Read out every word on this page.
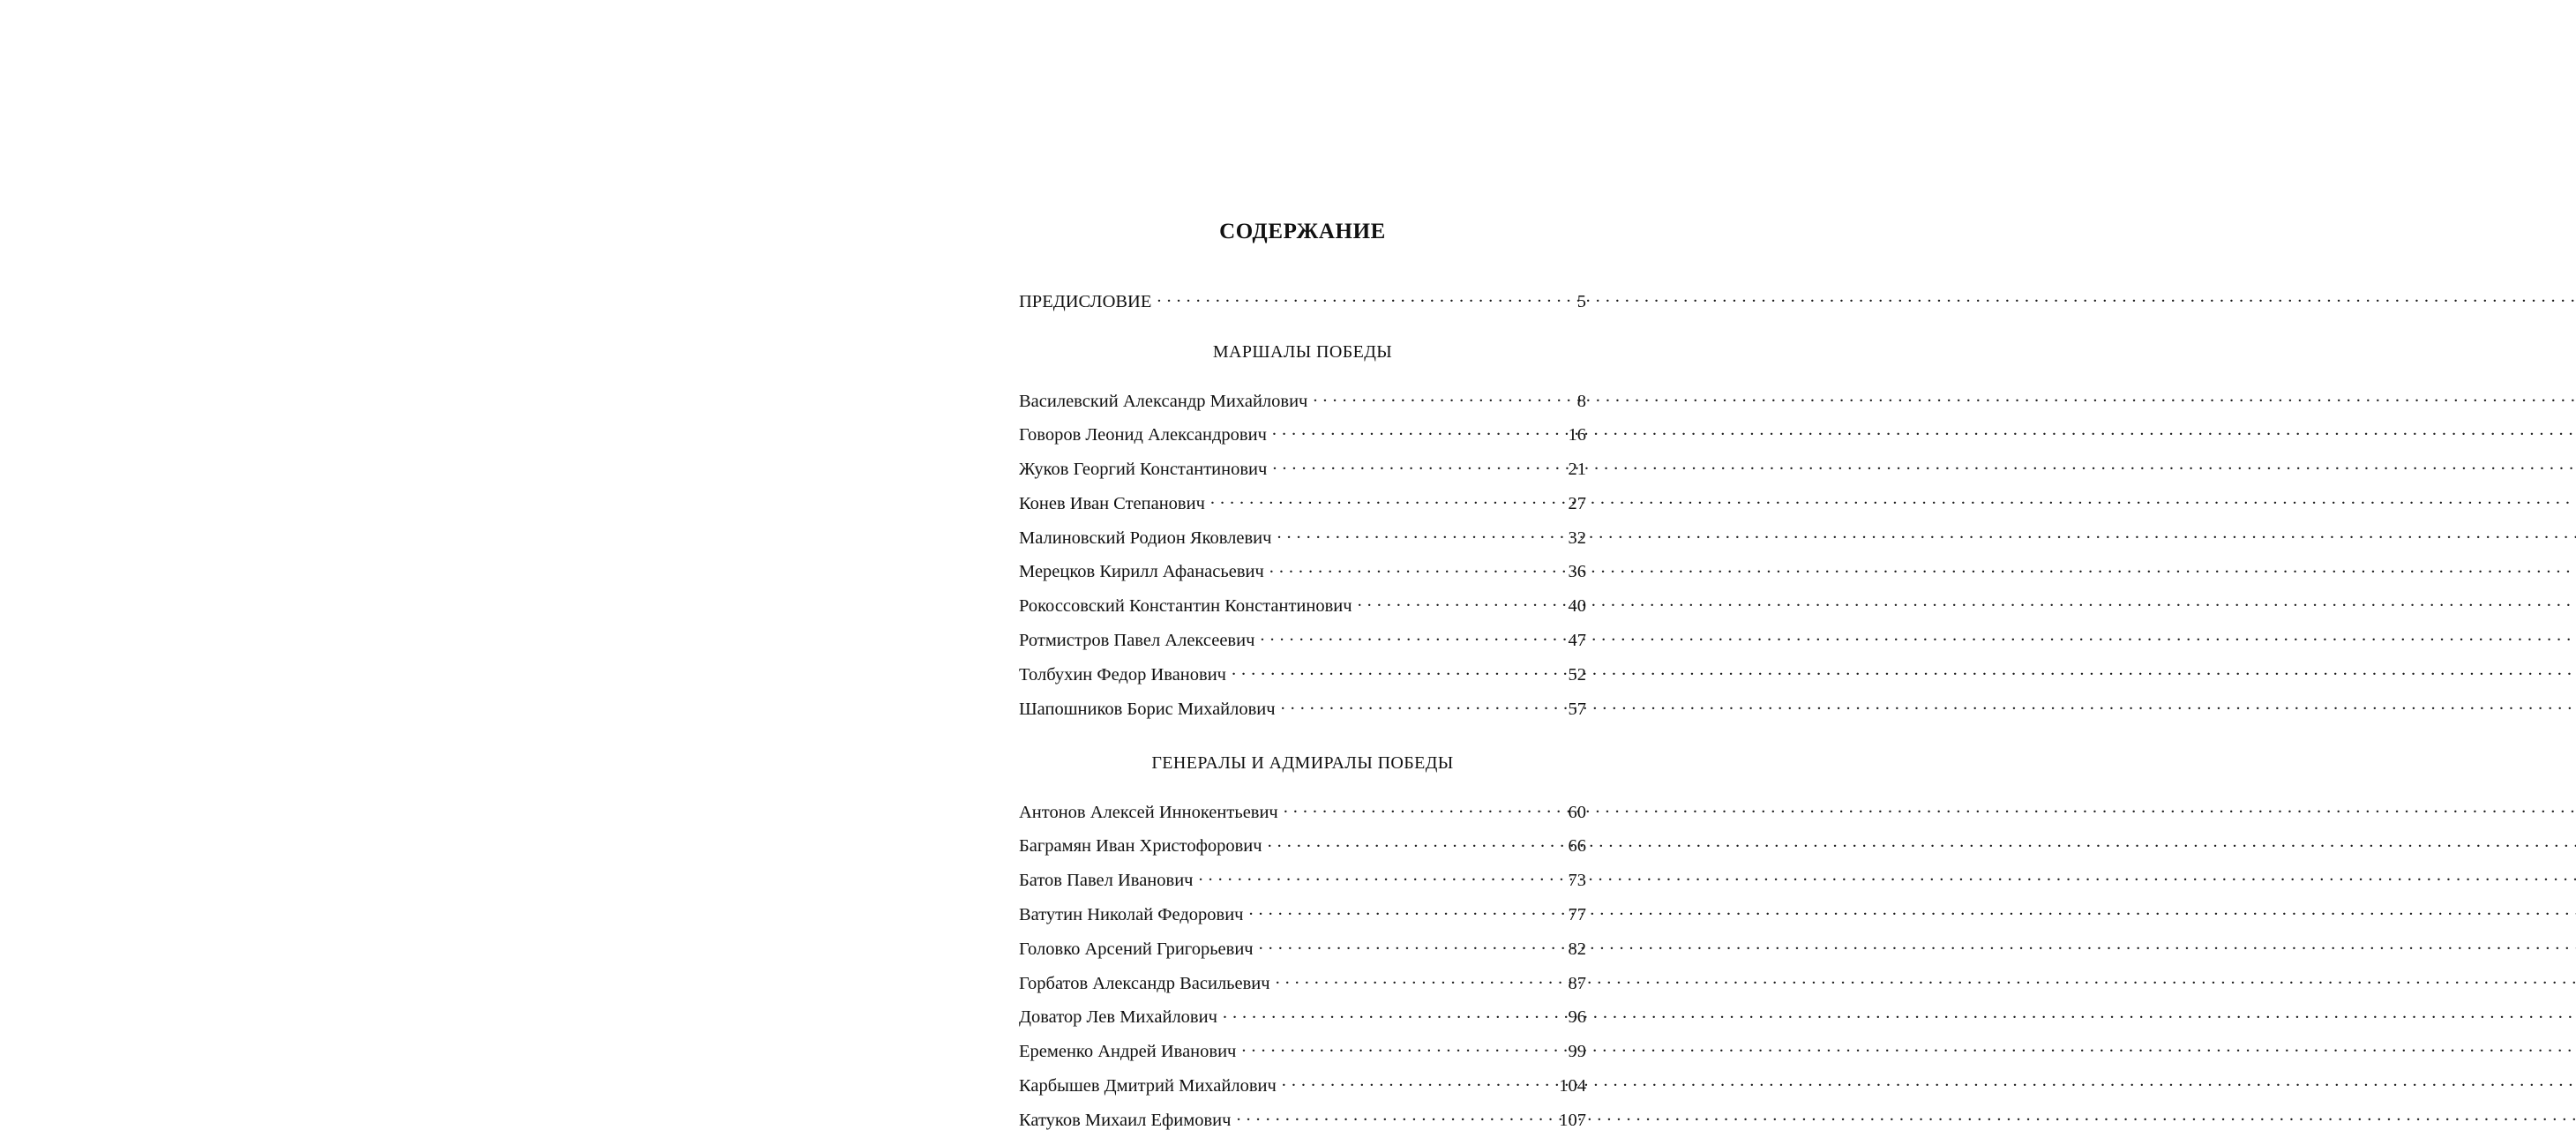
СОДЕРЖАНИЕ
ПРЕДИСЛОВИЕ . . .	5
МАРШАЛЫ ПОБЕДЫ
Василевский Александр Михайлович . . .	8
Говоров Леонид Александрович . . .	16
Жуков Георгий Константинович . . .	21
Конев Иван Степанович . . .	27
Малиновский Родион Яковлевич . . .	32
Мерецков Кирилл Афанасьевич . . .	36
Рокоссовский Константин Константинович . . .	40
Ротмистров Павел Алексеевич . . .	47
Толбухин Федор Иванович . . .	52
Шапошников Борис Михайлович . . .	57
ГЕНЕРАЛЫ И АДМИРАЛЫ ПОБЕДЫ
Антонов Алексей Иннокентьевич . . .	60
Баграмян Иван Христофорович . . .	66
Батов Павел Иванович . . .	73
Ватутин Николай Федорович . . .	77
Головко Арсений Григорьевич . . .	82
Горбатов Александр Васильевич . . .	87
Доватор Лев Михайлович . . .	96
Еременко Андрей Иванович . . .	99
Карбышев Дмитрий Михайлович . . .	104
Катуков Михаил Ефимович . . .	107
